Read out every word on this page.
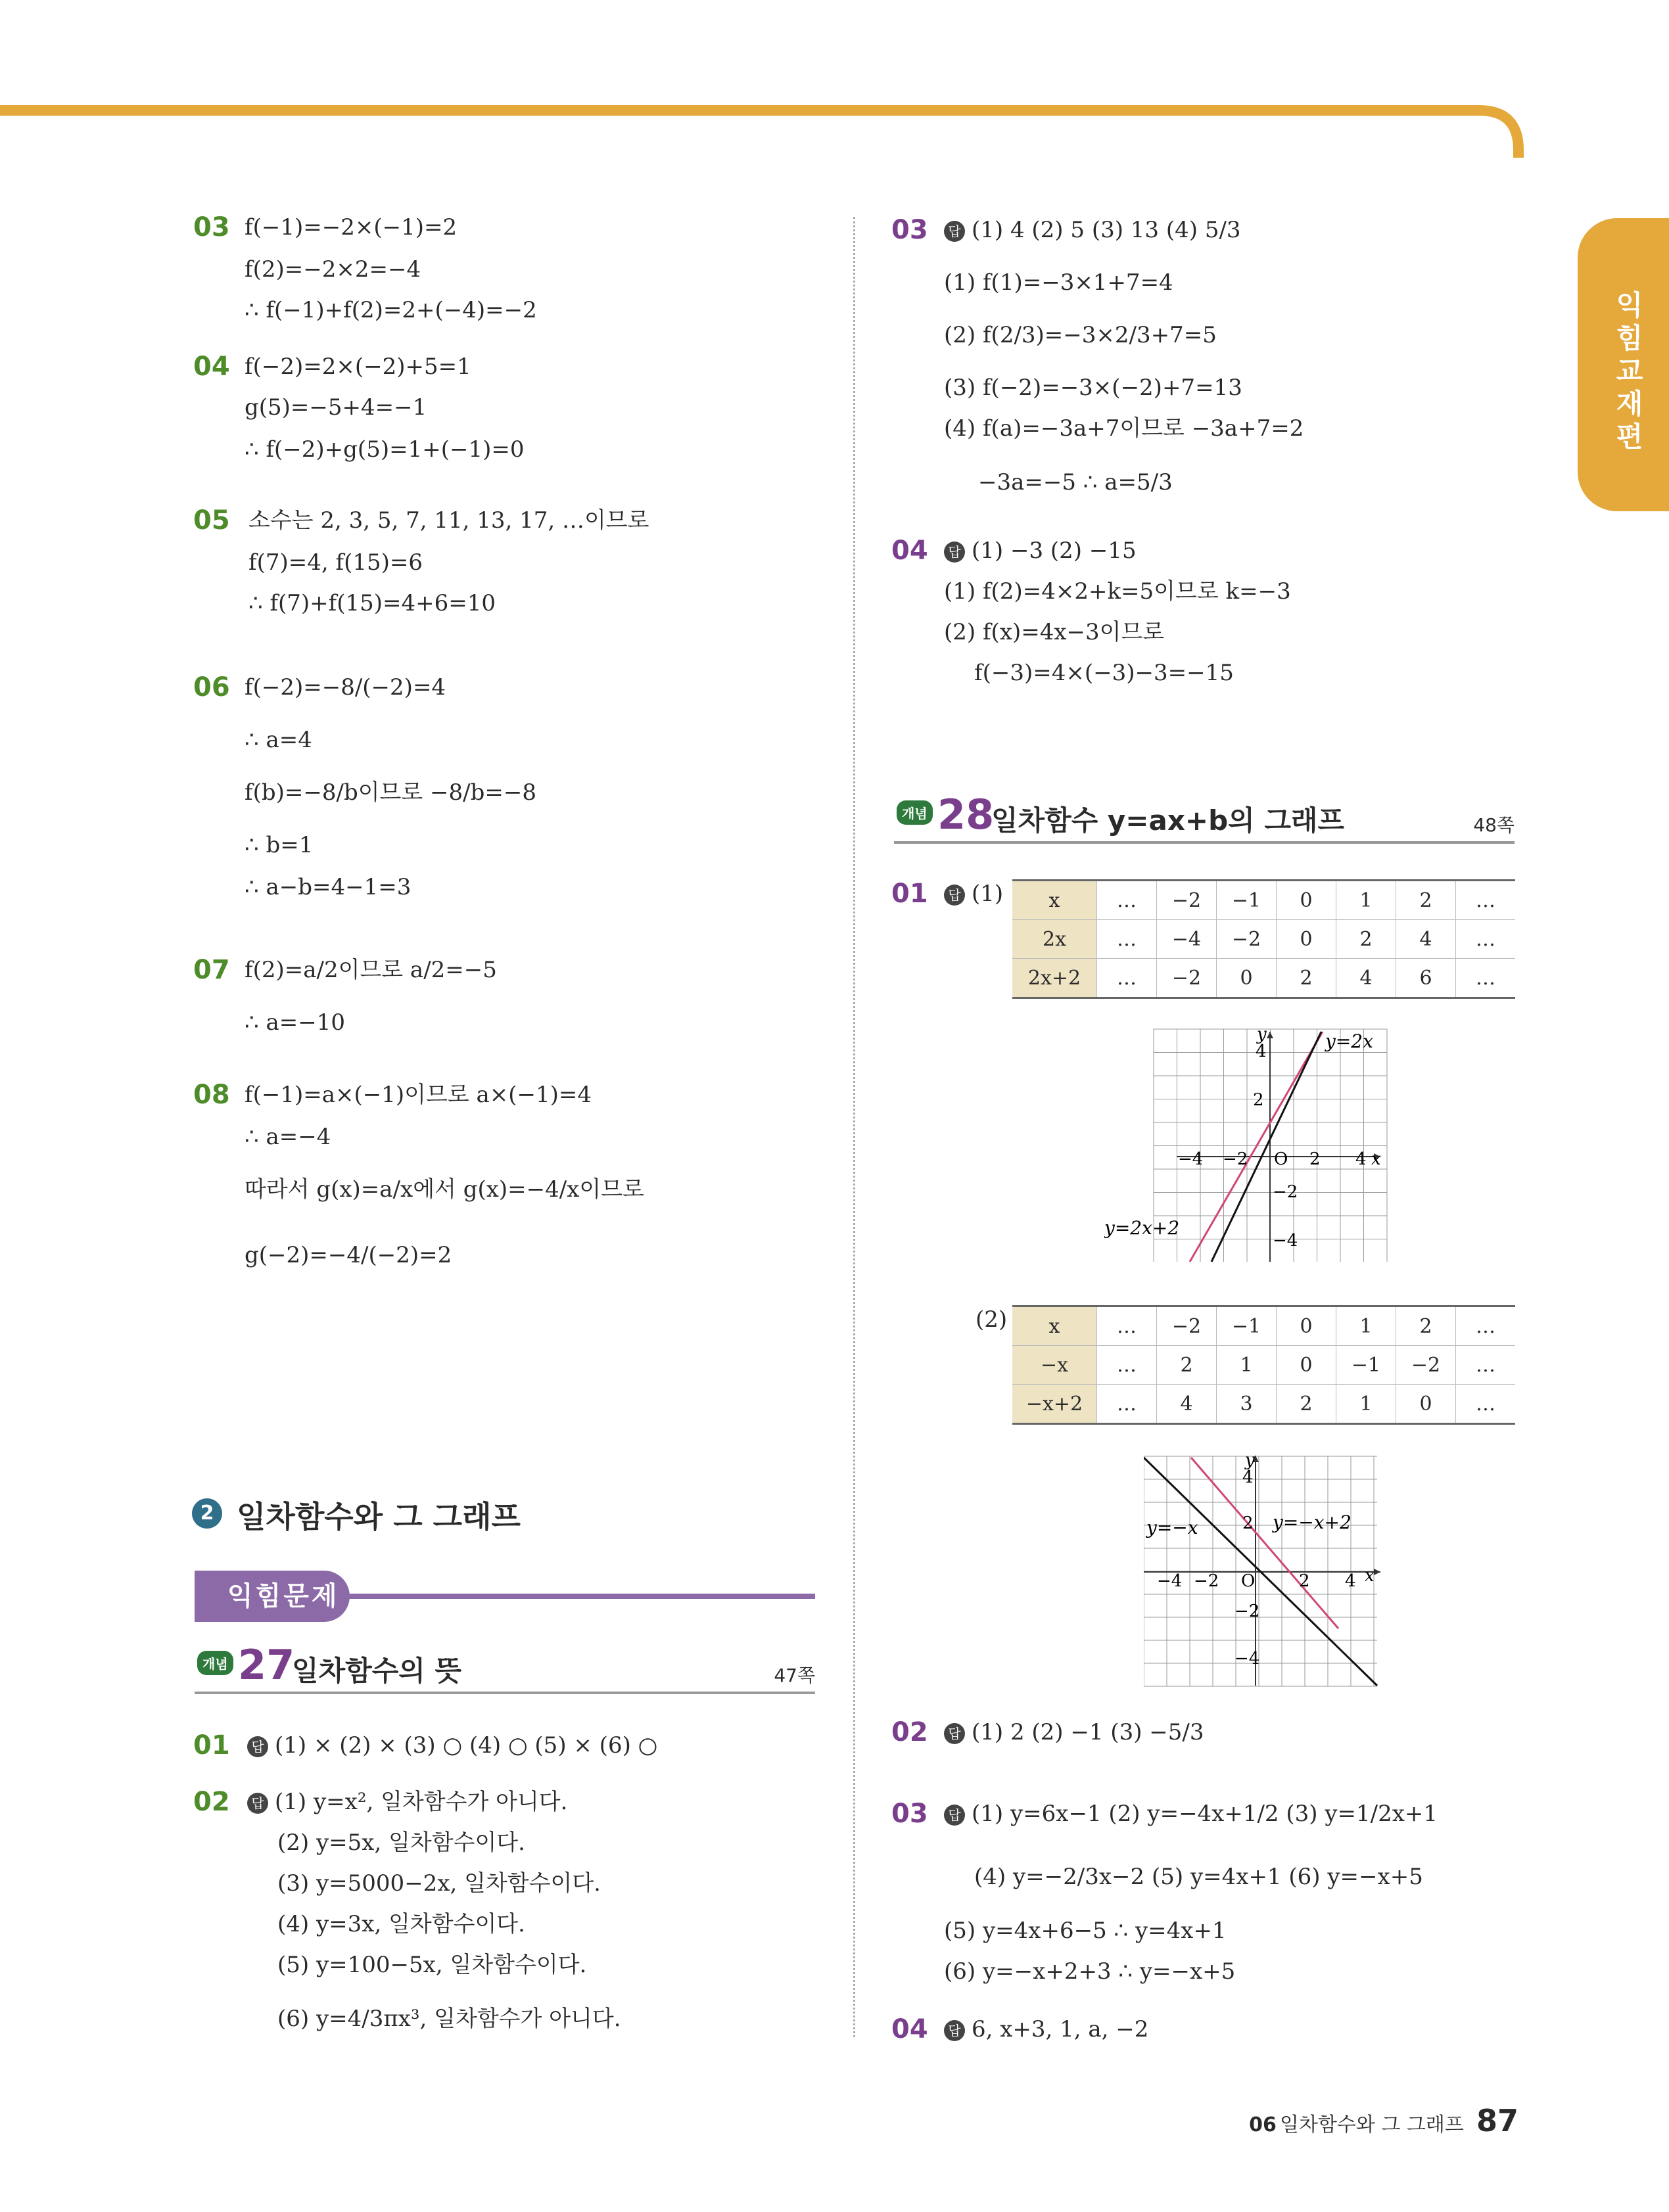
익힘교재편
03 f(−1)=−2×(−1)=2
f(2)=−2×2=−4
∴ f(−1)+f(2)=2+(−4)=−2
04 f(−2)=2×(−2)+5=1
g(5)=−5+4=−1
∴ f(−2)+g(5)=1+(−1)=0
05 소수는 2, 3, 5, 7, 11, 13, 17, …이므로
f(7)=4, f(15)=6
∴ f(7)+f(15)=4+6=10
06 f(−2)=−8/(−2)=4
∴ a=4
f(b)=−8/b이므로 −8/b=−8
∴ b=1
∴ a−b=4−1=3
07 f(2)=a/2이므로 a/2=−5
∴ a=−10
08 f(−1)=a×(−1)이므로 a×(−1)=4
∴ a=−4
따라서 g(x)=a/x에서 g(x)=−4/x이므로
g(−2)=−4/(−2)=2
2 일차함수와 그 그래프
익힘문제
개념 27
일차함수의 뜻	47쪽
01	답 (1) × (2) × (3) ○ (4) ○ (5) × (6) ○
02	답 (1) y=x², 일차함수가 아니다.
(2) y=5x, 일차함수이다.
(3) y=5000−2x, 일차함수이다.
(4) y=3x, 일차함수이다.
(5) y=100−5x, 일차함수이다.
(6) y=4/3πx³, 일차함수가 아니다.
03	답 (1) 4 (2) 5 (3) 13 (4) 5/3
(1) f(1)=−3×1+7=4
(2) f(2/3)=−3×2/3+7=5
(3) f(−2)=−3×(−2)+7=13
(4) f(a)=−3a+7이므로 −3a+7=2
−3a=−5 ∴ a=5/3
04	답 (1) −3 (2) −15
(1) f(2)=4×2+k=5이므로 k=−3
(2) f(x)=4x−3이므로
f(−3)=4×(−3)−3=−15
개념 28
일차함수 y=ax+b의 그래프	48쪽
01	답 (1) x	…	−2	−1	0	1	2	…
2x	…	−4	−2	0	2	4	…
2x+2	…	−2	0	2	4	6	…
y
x
O
y=2x
y=2x+2
4
2
−2
−4
−4 −2	2 4
(2) x	…	−2	−1	0	1	2	…
−x	…	2	1	0	−1	−2	…
−x+2	…	4	3	2	1	0	…
y
x
O
y=−x	y=−x+2
4
2
−2
−4
−4 −2	2 4
02	답 (1) 2 (2) −1 (3) −5/3
03	답 (1) y=6x−1 (2) y=−4x+1/2 (3) y=1/2x+1
(4) y=−2/3x−2 (5) y=4x+1 (6) y=−x+5
(5) y=4x+6−5 ∴ y=4x+1
(6) y=−x+2+3 ∴ y=−x+5
04	답 6, x+3, 1, a, −2
06 일차함수와 그 그래프 87
